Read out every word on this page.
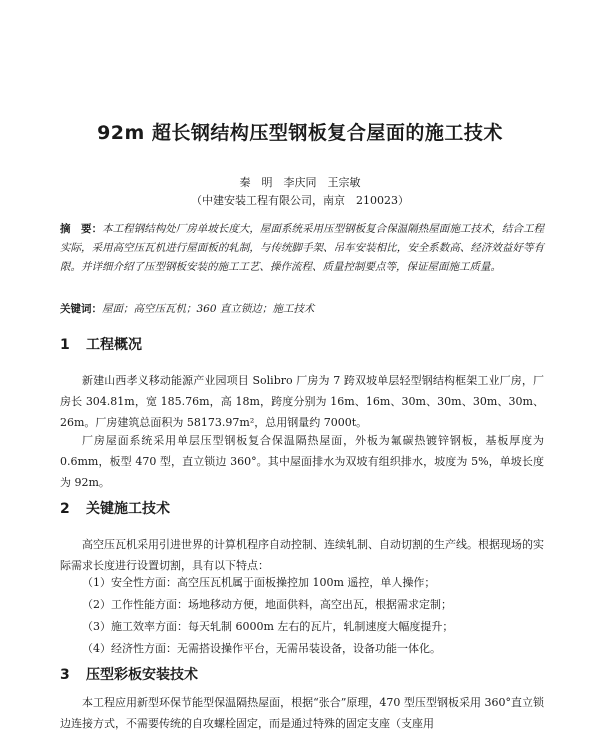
92m 超长钢结构压型钢板复合屋面的施工技术
秦　明　李庆同　王宗敏
（中建安装工程有限公司，南京　210023）
摘　要：本工程钢结构处厂房单坡长度大，屋面系统采用压型钢板复合保温隔热屋面施工技术，结合工程实际，采用高空压瓦机进行屋面板的轧制，与传统脚手架、吊车安装相比，安全系数高、经济效益好等有限。并详细介绍了压型钢板安装的施工工艺、操作流程、质量控制要点等，保证屋面施工质量。
关键词：屋面；高空压瓦机；360 直立锁边；施工技术
1 工程概况

新建山西孝义移动能源产业园项目 Solibro 厂房为 7 跨双坡单层轻型钢结构框架工业厂房，厂房长 304.81m，宽 185.76m，高 18m，跨度分别为 16m、16m、30m、30m、30m、30m、26m。厂房建筑总面积为 58173.97m²，总用钢量约 7000t。

厂房屋面系统采用单层压型钢板复合保温隔热屋面，外板为氟碳热镀锌钢板，基板厚度为 0.6mm，板型 470 型，直立锁边 360°。其中屋面排水为双坡有组织排水，坡度为 5%，单坡长度为 92m。

2 关键施工技术

高空压瓦机采用引进世界的计算机程序自动控制、连续轧制、自动切割的生产线。根据现场的实际需求长度进行设置切割，具有以下特点：

（1）安全性方面：高空压瓦机属于面板操控加 100m 遥控，单人操作；
（2）工作性能方面：场地移动方便，地面供料，高空出瓦，根据需求定制；
（3）施工效率方面：每天轧制 6000m 左右的瓦片，轧制速度大幅度提升；
（4）经济性方面：无需搭设操作平台，无需吊装设备，设备功能一体化。
3 压型彩板安装技术

本工程应用新型环保节能型保温隔热屋面，根据“张合”原理，470 型压型钢板采用 360°直立锁边连接方式，不需要传统的自攻螺栓固定，而是通过特殊的固定支座（支座用
